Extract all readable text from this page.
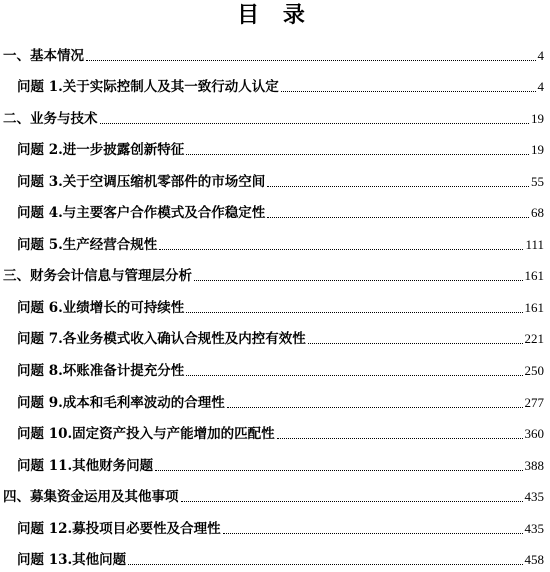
目 录
一、基本情况	4
问题 1.关于实际控制人及其一致行动人认定	4
二、业务与技术	19
问题 2.进一步披露创新特征	19
问题 3.关于空调压缩机零部件的市场空间	55
问题 4.与主要客户合作模式及合作稳定性	68
问题 5.生产经营合规性	111
三、财务会计信息与管理层分析	161
问题 6.业绩增长的可持续性	161
问题 7.各业务模式收入确认合规性及内控有效性	221
问题 8.坏账准备计提充分性	250
问题 9.成本和毛利率波动的合理性	277
问题 10.固定资产投入与产能增加的匹配性	360
问题 11.其他财务问题	388
四、募集资金运用及其他事项	435
问题 12.募投项目必要性及合理性	435
问题 13.其他问题	458
